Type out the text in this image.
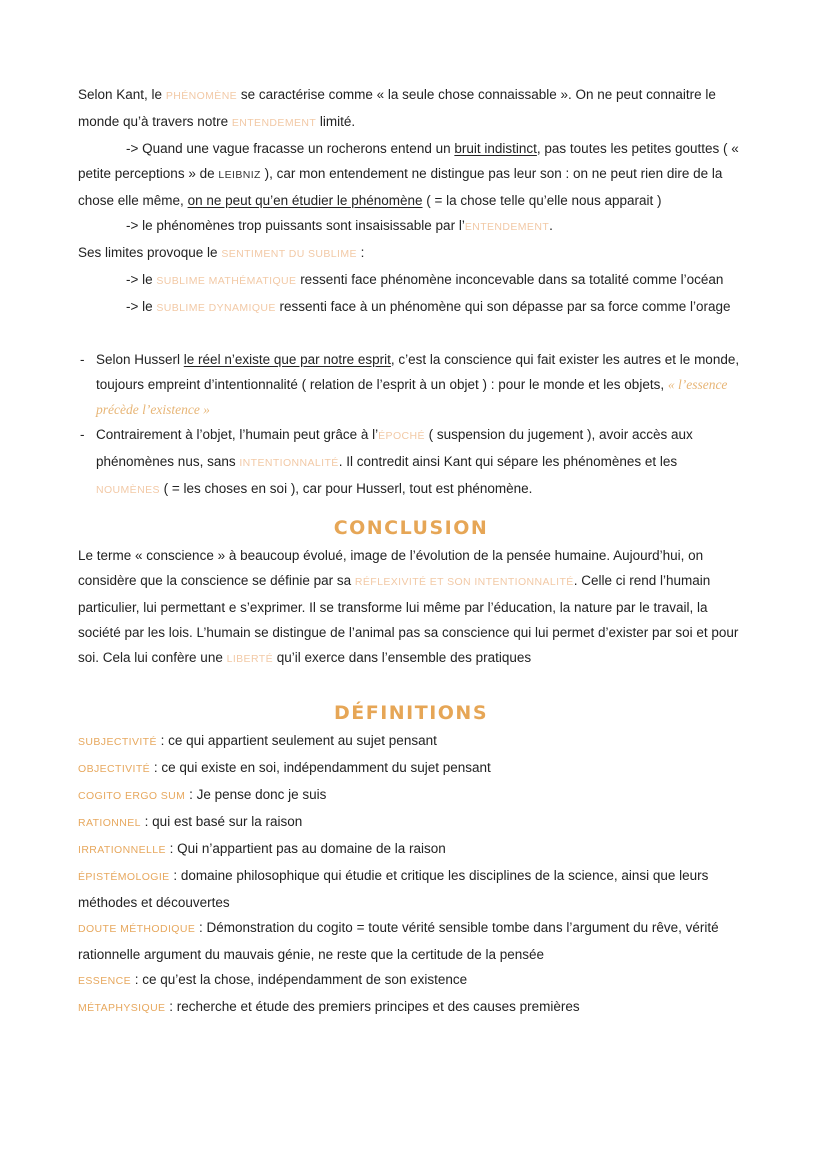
Selon Kant, le PHÉNOMÈNE se caractérise comme « la seule chose connaissable ». On ne peut connaitre le monde qu’à travers notre ENTENDEMENT limité.

-> Quand une vague fracasse un rocherons entend un bruit indistinct, pas toutes les petites gouttes ( « petite perceptions » de LEIBNIZ ), car mon entendement ne distingue pas leur son : on ne peut rien dire de la chose elle même, on ne peut qu’en étudier le phénomène ( = la chose telle qu’elle nous apparait )

-> le phénomènes trop puissants sont insaisissable par l’ENTENDEMENT.

Ses limites provoque le SENTIMENT DU SUBLIME :

-> le SUBLIME MATHÉMATIQUE ressenti face phénomène inconcevable dans sa totalité comme l’océan

-> le SUBLIME DYNAMIQUE ressenti face à un phénomène qui son dépasse par sa force comme l’orage

- Selon Husserl le réel n’existe que par notre esprit, c’est la conscience qui fait exister les autres et le monde, toujours empreint d’intentionnalité ( relation de l’esprit à un objet ) : pour le monde et les objets, « l’essence précède l’existence »

- Contrairement à l’objet, l’humain peut grâce à l’ÉPOCHÉ ( suspension du jugement ), avoir accès aux phénomènes nus, sans INTENTIONNALITÉ. Il contredit ainsi Kant qui sépare les phénomènes et les NOUMÈNES ( = les choses en soi ), car pour Husserl, tout est phénomène.

CONCLUSION

Le terme « conscience » à beaucoup évolué, image de l’évolution de la pensée humaine. Aujourd’hui, on considère que la conscience se définie par sa RÉFLEXIVITÉ ET SON INTENTIONNALITÉ. Celle ci rend l’humain particulier, lui permettant e s’exprimer. Il se transforme lui même par l’éducation, la nature par le travail, la société par les lois. L’humain se distingue de l’animal pas sa conscience qui lui permet d’exister par soi et pour soi. Cela lui confère une LIBERTÉ qu’il exerce dans l’ensemble des pratiques

DÉFINITIONS

SUBJECTIVITÉ : ce qui appartient seulement au sujet pensant

OBJECTIVITÉ : ce qui existe en soi, indépendamment du sujet pensant

COGITO ERGO SUM : Je pense donc je suis

RATIONNEL : qui est basé sur la raison

IRRATIONNELLE : Qui n’appartient pas au domaine de la raison

ÉPISTÉMOLOGIE : domaine philosophique qui étudie et critique les disciplines de la science, ainsi que leurs méthodes et découvertes

DOUTE MÉTHODIQUE : Démonstration du cogito = toute vérité sensible tombe dans l’argument du rêve, vérité rationnelle argument du mauvais génie, ne reste que la certitude de la pensée

ESSENCE : ce qu’est la chose, indépendamment de son existence

MÉTAPHYSIQUE : recherche et étude des premiers principes et des causes premières
